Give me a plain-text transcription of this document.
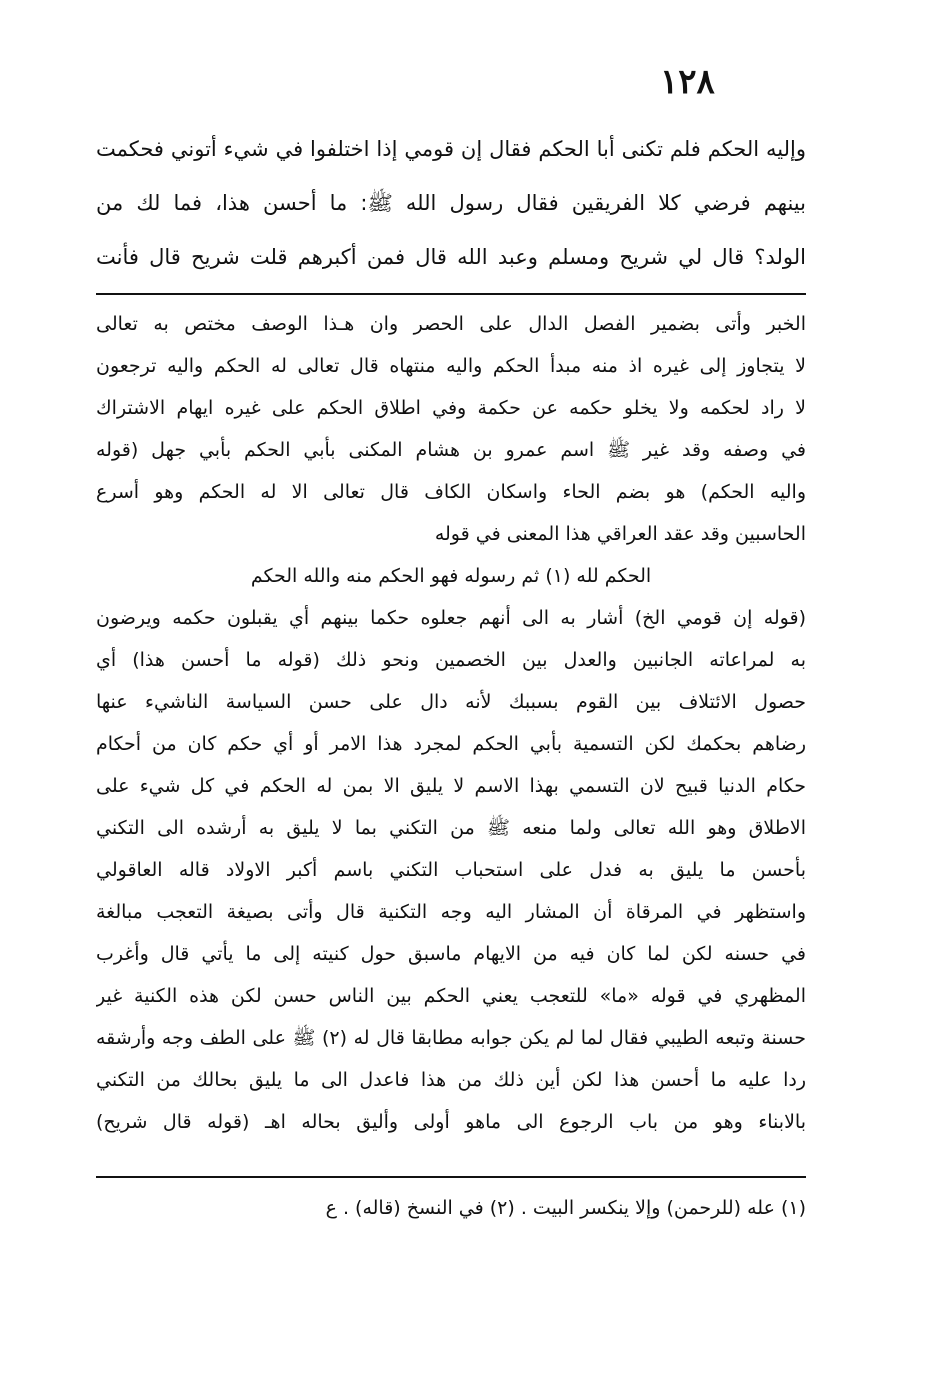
١٢٨
وإليه الحكم فلم تكنى أبا الحكم فقال إن قومي إذا اختلفوا في شيء أتوني فحكمت
بينهم فرضي كلا الفريقين فقال رسول الله ﷺ: ما أحسن هذا، فما لك من
الولد؟ قال لي شريح ومسلم وعبد الله قال فمن أكبرهم قلت شريح قال فأنت
الخبر وأتى بضمير الفصل الدال على الحصر وان هـذا الوصف مختص به تعالى
لا يتجاوز إلى غيره اذ منه مبدأ الحكم واليه منتهاه قال تعالى له الحكم واليه ترجعون
لا راد لحكمه ولا يخلو حكمه عن حكمة وفي اطلاق الحكم على غيره ايهام الاشتراك
في وصفه وقد غير ﷺ اسم عمرو بن هشام المكنى بأبي الحكم بأبي جهل (قوله
واليه الحكم) هو بضم الحاء واسكان الكاف قال تعالى الا له الحكم وهو أسرع
الحاسبين وقد عقد العراقي هذا المعنى في قوله
الحكم لله (١) ثم رسوله فهو الحكم منه والله الحكم
(قوله إن قومي الخ) أشار به الى أنهم جعلوه حكما بينهم أي يقبلون حكمه ويرضون
به لمراعاته الجانبين والعدل بين الخصمين ونحو ذلك (قوله ما أحسن هذا) أي
حصول الائتلاف بين القوم بسببك لأنه دال على حسن السياسة الناشيء عنها
رضاهم بحكمك لكن التسمية بأبي الحكم لمجرد هذا الامر أو أي حكم كان من أحكام
حكام الدنيا قبيح لان التسمي بهذا الاسم لا يليق الا بمن له الحكم في كل شيء على
الاطلاق وهو الله تعالى ولما منعه ﷺ من التكني بما لا يليق به أرشده الى التكني
بأحسن ما يليق به فدل على استحباب التكني باسم أكبر الاولاد قاله العاقولي
واستظهر في المرقاة أن المشار اليه وجه التكنية قال وأتى بصيغة التعجب مبالغة
في حسنه لكن لما كان فيه من الايهام ماسبق حول كنيته إلى ما يأتي قال وأغرب
المظهري في قوله «ما» للتعجب يعني الحكم بين الناس حسن لكن هذه الكنية غير
حسنة وتبعه الطيبي فقال لما لم يكن جوابه مطابقا قال له (٢) ﷺ على الطف وجه وأرشقه
ردا عليه ما أحسن هذا لكن أين ذلك من هذا فاعدل الى ما يليق بحالك من التكني
بالابناء وهو من باب الرجوع الى ماهو أولى وأليق بحاله اهـ (قوله قال شريح)
(١) عله (للرحمن) وإلا ينكسر البيت . (٢) في النسخ (قاله) . ع
